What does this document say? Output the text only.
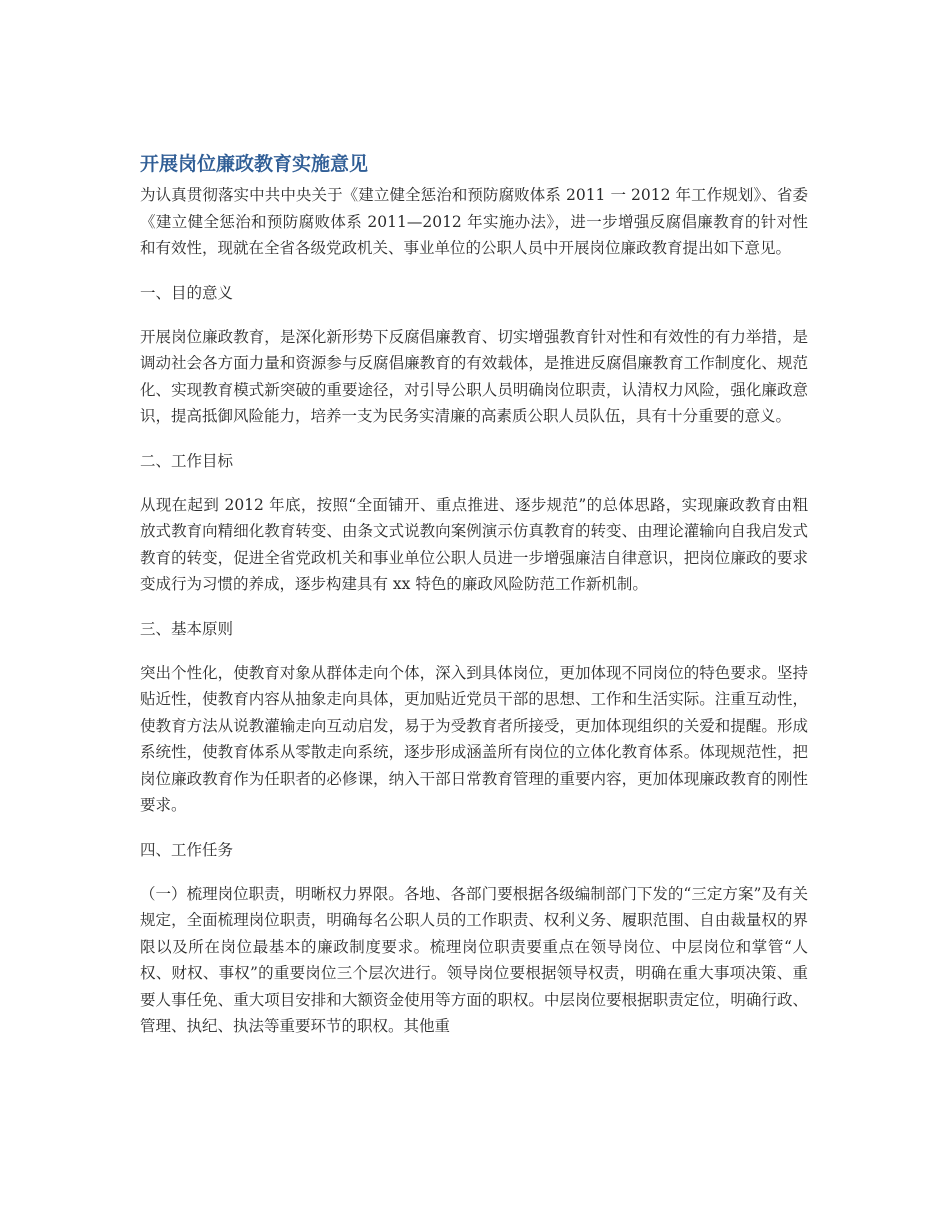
开展岗位廉政教育实施意见

为认真贯彻落实中共中央关于《建立健全惩治和预防腐败体系 2011 一 2012 年工作规划》、省委《建立健全惩治和预防腐败体系 2011—2012 年实施办法》，进一步增强反腐倡廉教育的针对性和有效性，现就在全省各级党政机关、事业单位的公职人员中开展岗位廉政教育提出如下意见。

一、目的意义

开展岗位廉政教育，是深化新形势下反腐倡廉教育、切实增强教育针对性和有效性的有力举措，是调动社会各方面力量和资源参与反腐倡廉教育的有效载体，是推进反腐倡廉教育工作制度化、规范化、实现教育模式新突破的重要途径，对引导公职人员明确岗位职责，认清权力风险，强化廉政意识，提高抵御风险能力，培养一支为民务实清廉的高素质公职人员队伍，具有十分重要的意义。

二、工作目标

从现在起到 2012 年底，按照“全面铺开、重点推进、逐步规范”的总体思路，实现廉政教育由粗放式教育向精细化教育转变、由条文式说教向案例演示仿真教育的转变、由理论灌输向自我启发式教育的转变，促进全省党政机关和事业单位公职人员进一步增强廉洁自律意识，把岗位廉政的要求变成行为习惯的养成，逐步构建具有 xx 特色的廉政风险防范工作新机制。

三、基本原则

突出个性化，使教育对象从群体走向个体，深入到具体岗位，更加体现不同岗位的特色要求。坚持贴近性，使教育内容从抽象走向具体，更加贴近党员干部的思想、工作和生活实际。注重互动性，使教育方法从说教灌输走向互动启发，易于为受教育者所接受，更加体现组织的关爱和提醒。形成系统性，使教育体系从零散走向系统，逐步形成涵盖所有岗位的立体化教育体系。体现规范性，把岗位廉政教育作为任职者的必修课，纳入干部日常教育管理的重要内容，更加体现廉政教育的刚性要求。

四、工作任务

（一）梳理岗位职责，明晰权力界限。各地、各部门要根据各级编制部门下发的“三定方案”及有关规定，全面梳理岗位职责，明确每名公职人员的工作职责、权利义务、履职范围、自由裁量权的界限以及所在岗位最基本的廉政制度要求。梳理岗位职责要重点在领导岗位、中层岗位和掌管“人权、财权、事权”的重要岗位三个层次进行。领导岗位要根据领导权责，明确在重大事项决策、重要人事任免、重大项目安排和大额资金使用等方面的职权。中层岗位要根据职责定位，明确行政、管理、执纪、执法等重要环节的职权。其他重
